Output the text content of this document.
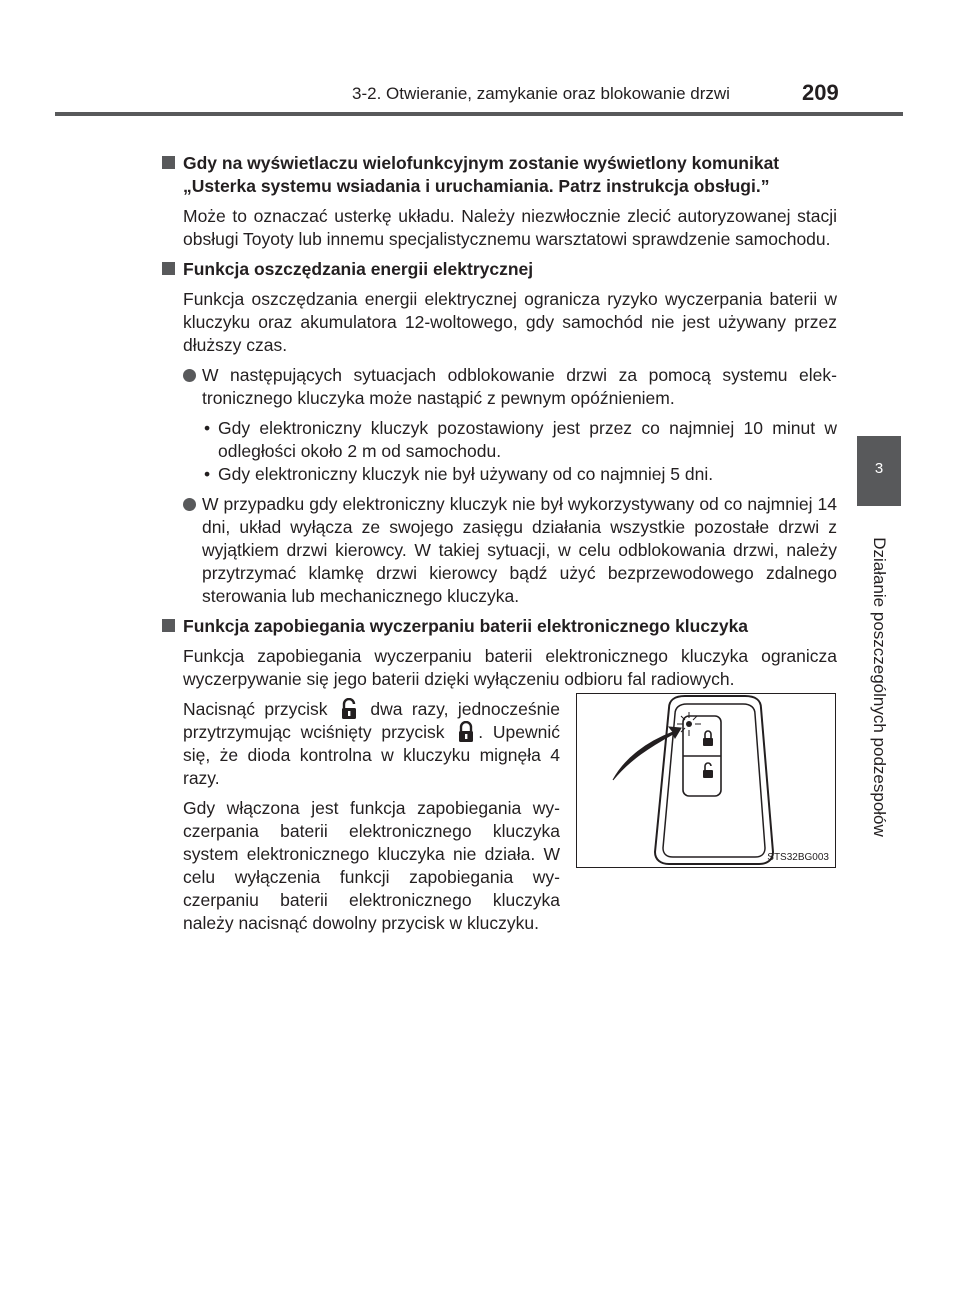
3-2. Otwieranie, zamykanie oraz blokowanie drzwi	209
3
Działanie poszczególnych podzespołów
Gdy na wyświetlaczu wielofunkcyjnym zostanie wyświetlony komunikat „Usterka systemu wsiadania i uruchamiania. Patrz instrukcja obsługi.”
Może to oznaczać usterkę układu. Należy niezwłocznie zlecić autoryzowanej stacji obsługi Toyoty lub innemu specjalistycznemu warsztatowi sprawdzenie samochodu.
Funkcja oszczędzania energii elektrycznej
Funkcja oszczędzania energii elektrycznej ogranicza ryzyko wyczerpania baterii w kluczyku oraz akumulatora 12-woltowego, gdy samochód nie jest używany przez dłuższy czas.
W następujących sytuacjach odblokowanie drzwi za pomocą systemu elektronicznego kluczyka może nastąpić z pewnym opóźnieniem.
• Gdy elektroniczny kluczyk pozostawiony jest przez co najmniej 10 minut w odległości około 2 m od samochodu.
• Gdy elektroniczny kluczyk nie był używany od co najmniej 5 dni.
W przypadku gdy elektroniczny kluczyk nie był wykorzystywany od co najmniej 14 dni, układ wyłącza ze swojego zasięgu działania wszystkie pozostałe drzwi z wyjątkiem drzwi kierowcy. W takiej sytuacji, w celu odblokowania drzwi, należy przytrzymać klamkę drzwi kierowcy bądź użyć bezprzewodowego zdalnego sterowania lub mechanicznego kluczyka.
Funkcja zapobiegania wyczerpaniu baterii elektronicznego kluczyka
Funkcja zapobiegania wyczerpaniu baterii elektronicznego kluczyka ogranicza wyczerpywanie się jego baterii dzięki wyłączeniu odbioru fal radiowych.
Nacisnąć przycisk dwa razy, jednocześnie przytrzymując wciśnięty przycisk . Upewnić się, że dioda kontrolna w kluczyku mignęła 4 razy.
Gdy włączona jest funkcja zapobiegania wyczerpania baterii elektronicznego kluczyka system elektronicznego kluczyka nie działa. W celu wyłączenia funkcji zapobiegania wyczerpaniu baterii elektronicznego kluczyka należy nacisnąć dowolny przycisk w kluczyku.
STS32BG003
